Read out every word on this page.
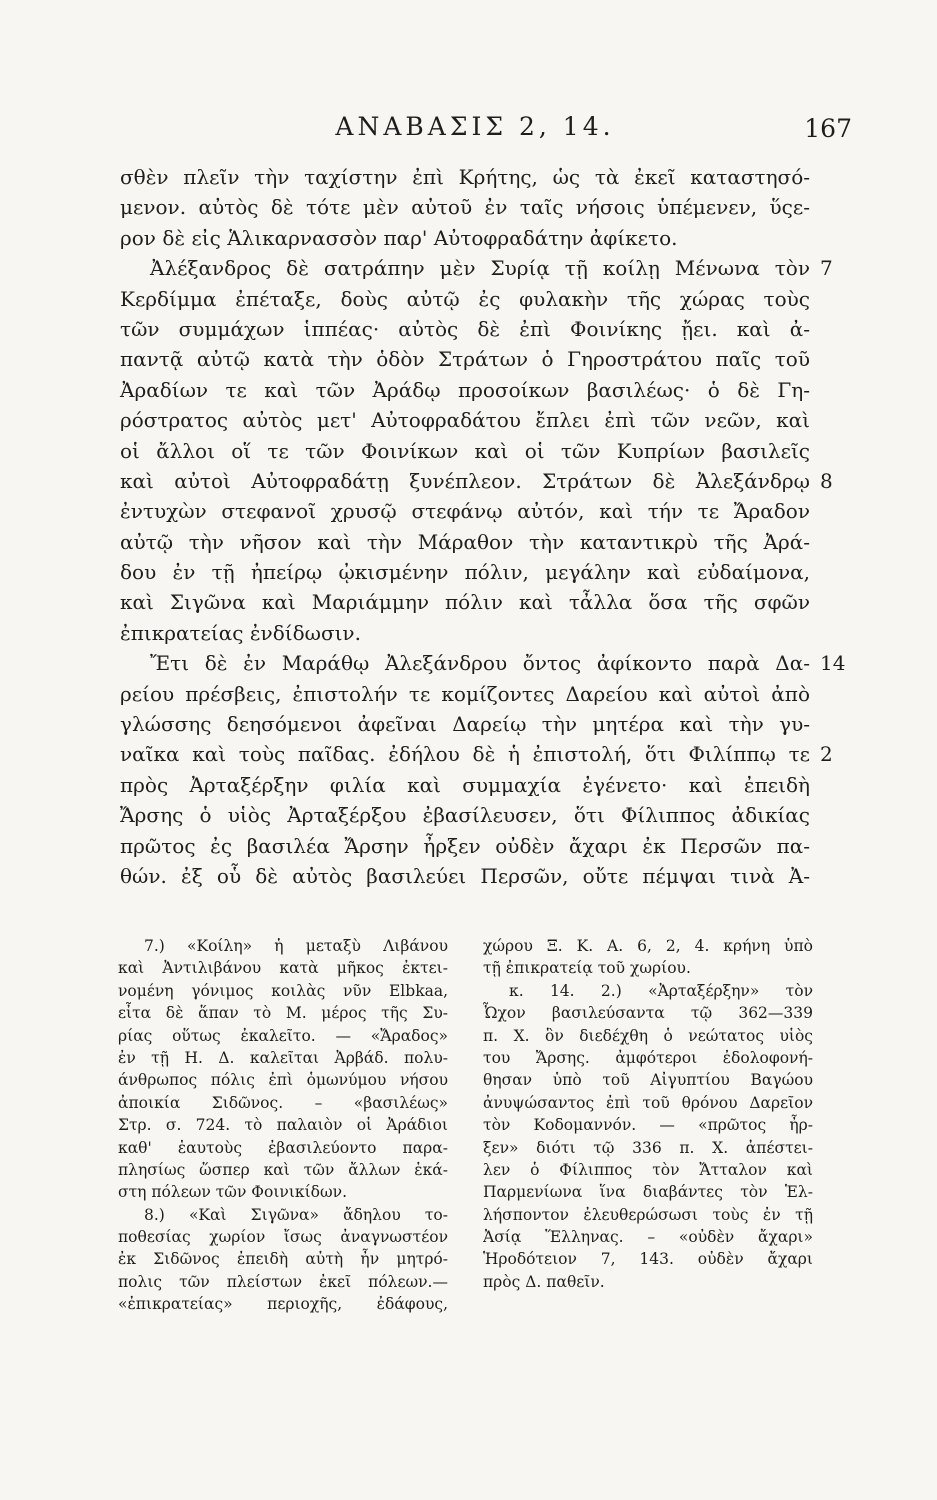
ΑΝΑΒΑΣΙΣ 2, 14.	167
σθὲν πλεῖν τὴν ταχίστην ἐπὶ Κρήτης, ὡς τὰ ἐκεῖ καταστησό-
μενον. αὐτὸς δὲ τότε μὲν αὐτοῦ ἐν ταῖς νήσοις ὑπέμενεν, ὕςε-
ρον δὲ εἰς Ἁλικαρνασσὸν παρ' Αὐτοφραδάτην ἀφίκετο.
Ἀλέξανδρος δὲ σατράπην μὲν Συρίᾳ τῇ κοίλῃ Μένωνα τὸν 7
Κερδίμμα ἐπέταξε, δοὺς αὐτῷ ἐς φυλακὴν τῆς χώρας τοὺς
τῶν συμμάχων ἱππέας· αὐτὸς δὲ ἐπὶ Φοινίκης ᾔει. καὶ ἀ-
παντᾷ αὐτῷ κατὰ τὴν ὁδὸν Στράτων ὁ Γηροστράτου παῖς τοῦ
Ἀραδίων τε καὶ τῶν Ἀράδῳ προσοίκων βασιλέως· ὁ δὲ Γη-
ρόστρατος αὐτὸς μετ' Αὐτοφραδάτου ἔπλει ἐπὶ τῶν νεῶν, καὶ
οἱ ἄλλοι οἵ τε τῶν Φοινίκων καὶ οἱ τῶν Κυπρίων βασιλεῖς
καὶ αὐτοὶ Αὐτοφραδάτῃ ξυνέπλεον. Στράτων δὲ Ἀλεξάνδρῳ 8
ἐντυχὼν στεφανοῖ χρυσῷ στεφάνῳ αὐτόν, καὶ τήν τε Ἄραδον
αὐτῷ τὴν νῆσον καὶ τὴν Μάραθον τὴν καταντικρὺ τῆς Ἀρά-
δου ἐν τῇ ἠπείρῳ ᾠκισμένην πόλιν, μεγάλην καὶ εὐδαίμονα,
καὶ Σιγῶνα καὶ Μαριάμμην πόλιν καὶ τἆλλα ὅσα τῆς σφῶν
ἐπικρατείας ἐνδίδωσιν.
Ἔτι δὲ ἐν Μαράθῳ Ἀλεξάνδρου ὄντος ἀφίκοντο παρὰ Δα- 14
ρείου πρέσβεις, ἐπιστολήν τε κομίζοντες Δαρείου καὶ αὐτοὶ ἀπὸ
γλώσσης δεησόμενοι ἀφεῖναι Δαρείῳ τὴν μητέρα καὶ τὴν γυ-
ναῖκα καὶ τοὺς παῖδας. ἐδήλου δὲ ἡ ἐπιστολή, ὅτι Φιλίππῳ τε 2
πρὸς Ἀρταξέρξην φιλία καὶ συμμαχία ἐγένετο· καὶ ἐπειδὴ
Ἄρσης ὁ υἱὸς Ἀρταξέρξου ἐβασίλευσεν, ὅτι Φίλιππος ἀδικίας
πρῶτος ἐς βασιλέα Ἄρσην ἦρξεν οὐδὲν ἄχαρι ἐκ Περσῶν πα-
θών. ἐξ οὗ δὲ αὐτὸς βασιλεύει Περσῶν, οὔτε πέμψαι τινὰ Ἀ-
7.) «Κοίλη» ἡ μεταξὺ Λιβάνου
καὶ Ἀντιλιβάνου κατὰ μῆκος ἐκτει-
νομένη γόνιμος κοιλὰς νῦν Elbkaa,
εἶτα δὲ ἅπαν τὸ Μ. μέρος τῆς Συ-
ρίας οὕτως ἐκαλεῖτο. — «Ἄραδος»
ἐν τῇ Η. Δ. καλεῖται Ἀρβάδ. πολυ-
άνθρωπος πόλις ἐπὶ ὁμωνύμου νήσου
ἀποικία Σιδῶνος. – «βασιλέως»
Στρ. σ. 724. τὸ παλαιὸν οἱ Ἀράδιοι
καθ' ἑαυτοὺς ἐβασιλεύοντο παρα-
πλησίως ὥσπερ καὶ τῶν ἄλλων ἑκά-
στη πόλεων τῶν Φοινικίδων.
8.) «Καὶ Σιγῶνα» ἄδηλου το-
ποθεσίας χωρίον ἴσως ἀναγνωστέον
ἐκ Σιδῶνος ἐπειδὴ αὐτὴ ἦν μητρό-
πολις τῶν πλείστων ἐκεῖ πόλεων.—
«ἐπικρατείας» περιοχῆς, ἐδάφους,
χώρου Ξ. Κ. Α. 6, 2, 4. κρήνη ὑπὸ
τῇ ἐπικρατείᾳ τοῦ χωρίου.
κ. 14. 2.) «Ἀρταξέρξην» τὸν
Ὦχον βασιλεύσαντα τῷ 362—339
π. Χ. ὃν διεδέχθη ὁ νεώτατος υἱὸς
του Ἄρσης. ἀμφότεροι ἐδολοφονή-
θησαν ὑπὸ τοῦ Αἰγυπτίου Βαγώου
ἀνυψώσαντος ἐπὶ τοῦ θρόνου Δαρεῖον
τὸν Κοδομαννόν. — «πρῶτος ἦρ-
ξεν» διότι τῷ 336 π. Χ. ἀπέστει-
λεν ὁ Φίλιππος τὸν Ἄτταλον καὶ
Παρμενίωνα ἵνα διαβάντες τὸν Ἑλ-
λήσποντον ἐλευθερώσωσι τοὺς ἐν τῇ
Ἀσίᾳ Ἕλληνας. – «οὐδὲν ἄχαρι»
Ἡροδότειον 7, 143. οὐδὲν ἄχαρι
πρὸς Δ. παθεῖν.
